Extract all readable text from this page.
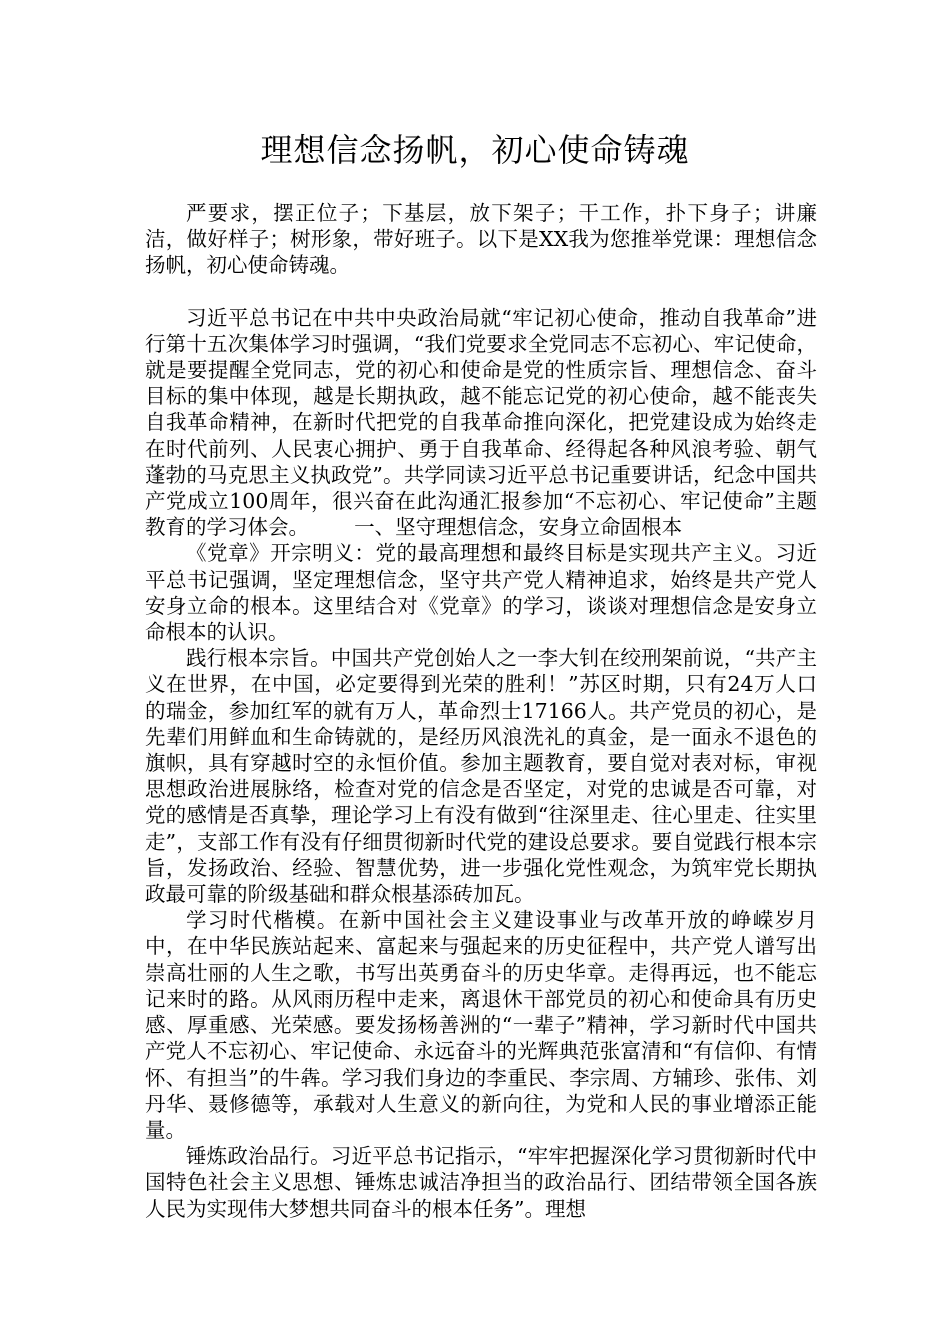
理想信念扬帆，初心使命铸魂

严要求，摆正位子；下基层，放下架子；干工作，扑下身子；讲廉洁，做好样子；树形象，带好班子。以下是XX我为您推举党课：理想信念扬帆，初心使命铸魂。

习近平总书记在中共中央政治局就“牢记初心使命，推动自我革命”进行第十五次集体学习时强调，“我们党要求全党同志不忘初心、牢记使命，就是要提醒全党同志，党的初心和使命是党的性质宗旨、理想信念、奋斗目标的集中体现，越是长期执政，越不能忘记党的初心使命，越不能丧失自我革命精神，在新时代把党的自我革命推向深化，把党建设成为始终走在时代前列、人民衷心拥护、勇于自我革命、经得起各种风浪考验、朝气蓬勃的马克思主义执政党”。共学同读习近平总书记重要讲话，纪念中国共产党成立100周年，很兴奋在此沟通汇报参加“不忘初心、牢记使命”主题教育的学习体会。 一、坚守理想信念，安身立命固根本

《党章》开宗明义：党的最高理想和最终目标是实现共产主义。习近平总书记强调，坚定理想信念，坚守共产党人精神追求，始终是共产党人安身立命的根本。这里结合对《党章》的学习，谈谈对理想信念是安身立命根本的认识。

践行根本宗旨。中国共产党创始人之一李大钊在绞刑架前说，“共产主义在世界，在中国，必定要得到光荣的胜利！”苏区时期，只有24万人口的瑞金，参加红军的就有万人，革命烈士17166人。共产党员的初心，是先辈们用鲜血和生命铸就的，是经历风浪洗礼的真金，是一面永不退色的旗帜，具有穿越时空的永恒价值。参加主题教育，要自觉对表对标，审视思想政治进展脉络，检查对党的信念是否坚定，对党的忠诚是否可靠，对党的感情是否真挚，理论学习上有没有做到“往深里走、往心里走、往实里走”，支部工作有没有仔细贯彻新时代党的建设总要求。要自觉践行根本宗旨，发扬政治、经验、智慧优势，进一步强化党性观念，为筑牢党长期执政最可靠的阶级基础和群众根基添砖加瓦。

学习时代楷模。在新中国社会主义建设事业与改革开放的峥嵘岁月中，在中华民族站起来、富起来与强起来的历史征程中，共产党人谱写出崇高壮丽的人生之歌，书写出英勇奋斗的历史华章。走得再远，也不能忘记来时的路。从风雨历程中走来，离退休干部党员的初心和使命具有历史感、厚重感、光荣感。要发扬杨善洲的“一辈子”精神，学习新时代中国共产党人不忘初心、牢记使命、永远奋斗的光辉典范张富清和“有信仰、有情怀、有担当”的牛犇。学习我们身边的李重民、李宗周、方辅珍、张伟、刘丹华、聂修德等，承载对人生意义的新向往，为党和人民的事业增添正能量。

锤炼政治品行。习近平总书记指示，“牢牢把握深化学习贯彻新时代中国特色社会主义思想、锤炼忠诚洁净担当的政治品行、团结带领全国各族人民为实现伟大梦想共同奋斗的根本任务”。理想
